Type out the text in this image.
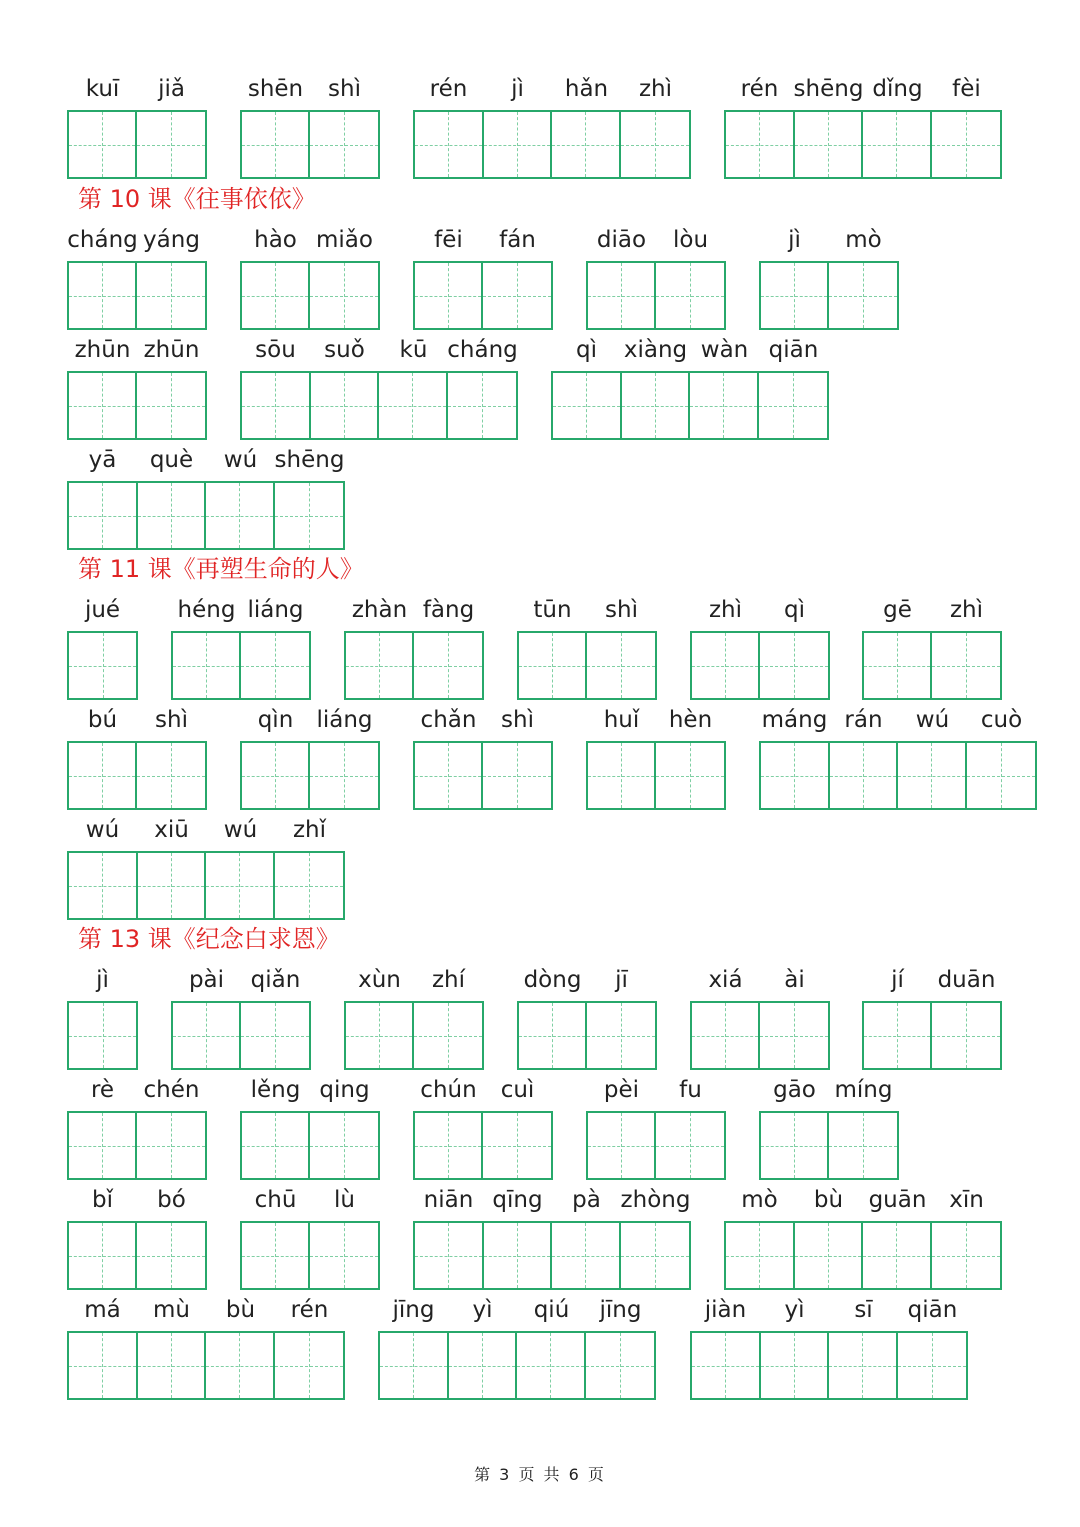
kuī jiǎ	shēn shì	rén jì hǎn zhì	rén shēng dǐng fèi
第 10 课《往事依依》
cháng yáng hào miǎo	fēi fán	diāo lòu	jì mò
zhūn zhūn sōu suǒ kū cháng	qì xiàng wàn qiān
yā què wú shēng
第 11 课《再塑生命的人》
jué héng liáng zhàn fàng	tūn shì	zhì qì	gē zhì
bú shì	qìn liáng chǎn shì	huǐ hèn máng rán wú cuò
wú xiū wú zhǐ
第 13 课《纪念白求恩》
jì	pài qiǎn	xùn zhí	dòng jī	xiá ài	jí duān
rè chén lěng qing chún cuì	pèi fu	gāo míng
bǐ bó	chū lù	niān qīng pà zhòng mò bù guān xīn
má mù bù rén	jīng yì qiú jīng	jiàn yì sī qiān
第 3 页 共 6 页
